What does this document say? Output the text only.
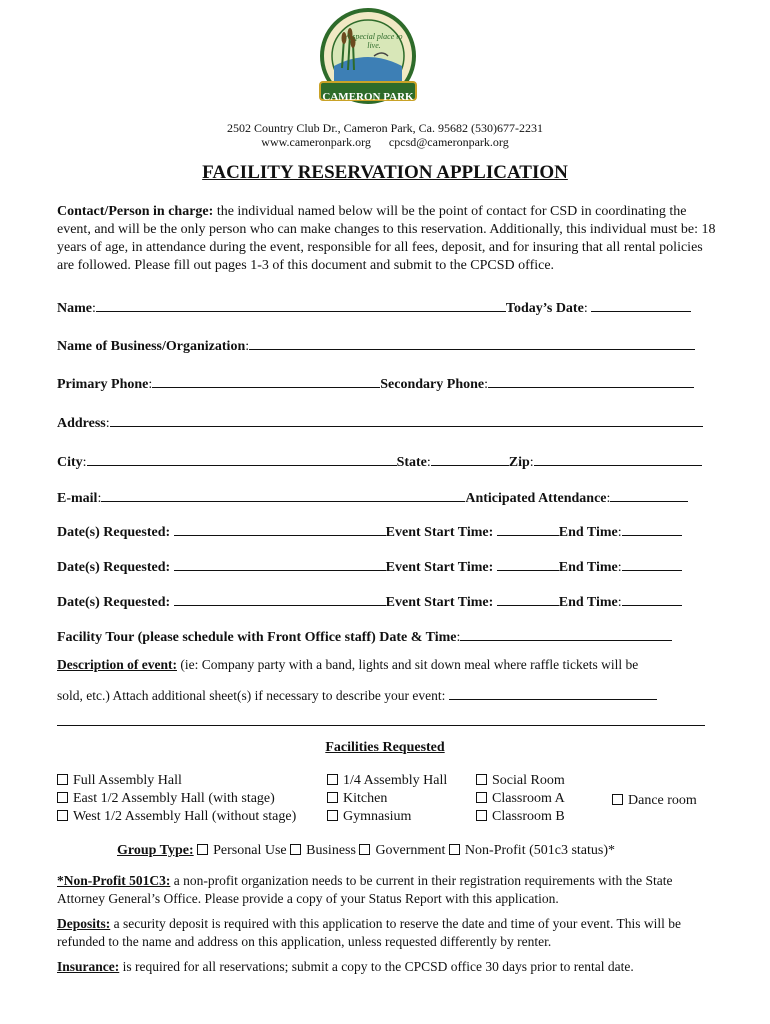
A special place to live.
CAMERON PARK
2502 Country Club Dr., Cameron Park, Ca. 95682 (530)677-2231
www.cameronpark.org cpcsd@cameronpark.org
FACILITY RESERVATION APPLICATION
Contact/Person in charge: the individual named below will be the point of contact for CSD in coordinating the event, and will be the only person who can make changes to this reservation. Additionally, this individual must be: 18 years of age, in attendance during the event, responsible for all fees, deposit, and for insuring that all rental policies are followed. Please fill out pages 1-3 of this document and submit to the CPCSD office.
Name:	Today’s Date:
Name of Business/Organization:
Primary Phone:	Secondary Phone:
Address:
City:	State:	Zip:
E-mail:	Anticipated Attendance:
Date(s) Requested:	Event Start Time:	End Time:
Date(s) Requested:	Event Start Time:	End Time:
Date(s) Requested:	Event Start Time:	End Time:
Facility Tour (please schedule with Front Office staff) Date & Time:
Description of event: (ie: Company party with a band, lights and sit down meal where raffle tickets will be
sold, etc.) Attach additional sheet(s) if necessary to describe your event:
Facilities Requested
Full Assembly Hall
East 1/2 Assembly Hall (with stage)
West 1/2 Assembly Hall (without stage)
1/4 Assembly Hall
Kitchen
Gymnasium
Social Room
Classroom A
Classroom B
Dance room
Group Type: Personal Use Business Government Non-Profit (501c3 status)*
*Non-Profit 501C3: a non-profit organization needs to be current in their registration requirements with the State Attorney General’s Office. Please provide a copy of your Status Report with this application.
Deposits: a security deposit is required with this application to reserve the date and time of your event. This will be refunded to the name and address on this application, unless requested differently by renter.
Insurance: is required for all reservations; submit a copy to the CPCSD office 30 days prior to rental date.
